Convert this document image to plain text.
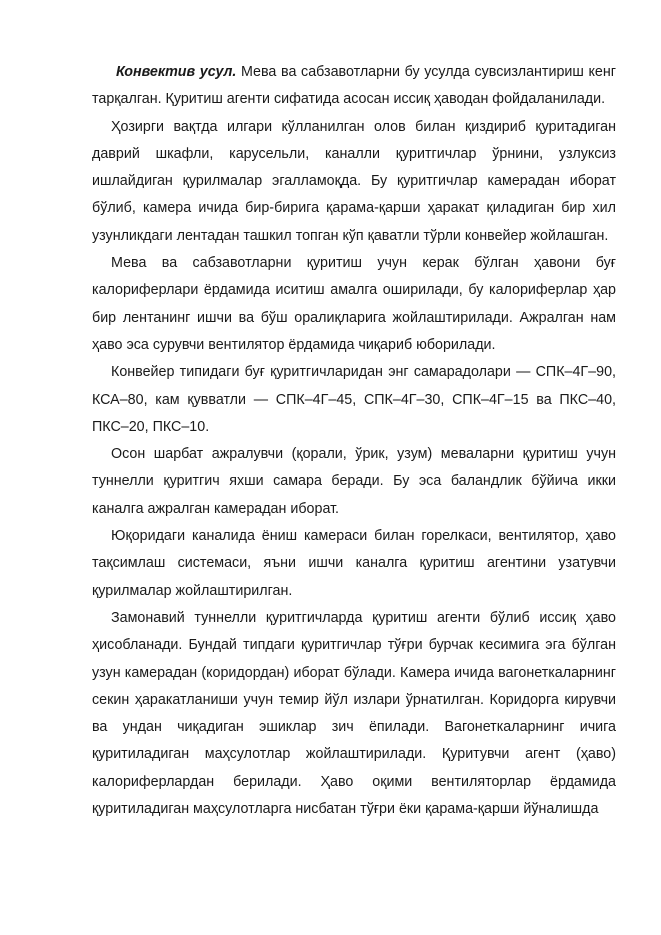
Конвектив усул. Мева ва сабзавотларни бу усулда сувсизлантириш кенг тарқалган. Қуритиш агенти сифатида асосан иссиқ ҳаводан фойдаланилади.

Ҳозирги вақтда илгари кўлланилган олов билан қиздириб қуритадиган даврий шкафли, карусельли, каналли қуритгичлар ўрнини, узлуксиз ишлайдиган қурилмалар эгалламоқда. Бу қуритгичлар камерадан иборат бўлиб, камера ичида бир-бирига қарама-қарши ҳаракат қиладиган бир хил узунликдаги лентадан ташкил топган кўп қаватли тўрли конвейер жойлашган.

Мева ва сабзавотларни қуритиш учун керак бўлган ҳавони буғ калориферлари ёрдамида иситиш амалга оширилади, бу калориферлар ҳар бир лентанинг ишчи ва бўш оралиқларига жойлаштирилади. Ажралган нам ҳаво эса сурувчи вентилятор ёрдамида чиқариб юборилади.

Конвейер типидаги буғ қуритгичларидан энг самарадолари — СПК–4Г–90, КСА–80, кам қувватли — СПК–4Г–45, СПК–4Г–30, СПК–4Г–15 ва ПКС–40, ПКС–20, ПКС–10.

Осон шарбат ажралувчи (қорали, ўрик, узум) меваларни қуритиш учун туннелли қуритгич яхши самара беради. Бу эса баландлик бўйича икки каналга ажралган камерадан иборат.

Юқоридаги каналида ёниш камераси билан горелкаси, вентилятор, ҳаво тақсимлаш системаси, яъни ишчи каналга қуритиш агентини узатувчи қурилмалар жойлаштирилган.

Замонавий туннелли қуритгичларда қуритиш агенти бўлиб иссиқ ҳаво ҳисобланади. Бундай типдаги қуритгичлар тўғри бурчак кесимига эга бўлган узун камерадан (коридордан) иборат бўлади. Камера ичида вагонеткаларнинг секин ҳаракатланиши учун темир йўл излари ўрнатилган. Коридорга кирувчи ва ундан чиқадиган эшиклар зич ёпилади. Вагонеткаларнинг ичига қуритиладиган маҳсулотлар жойлаштирилади. Қуритувчи агент (ҳаво) калориферлардан берилади. Ҳаво оқими вентиляторлар ёрдамида қуритиладиган маҳсулотларга нисбатан тўғри ёки қарама-қарши йўналишда
